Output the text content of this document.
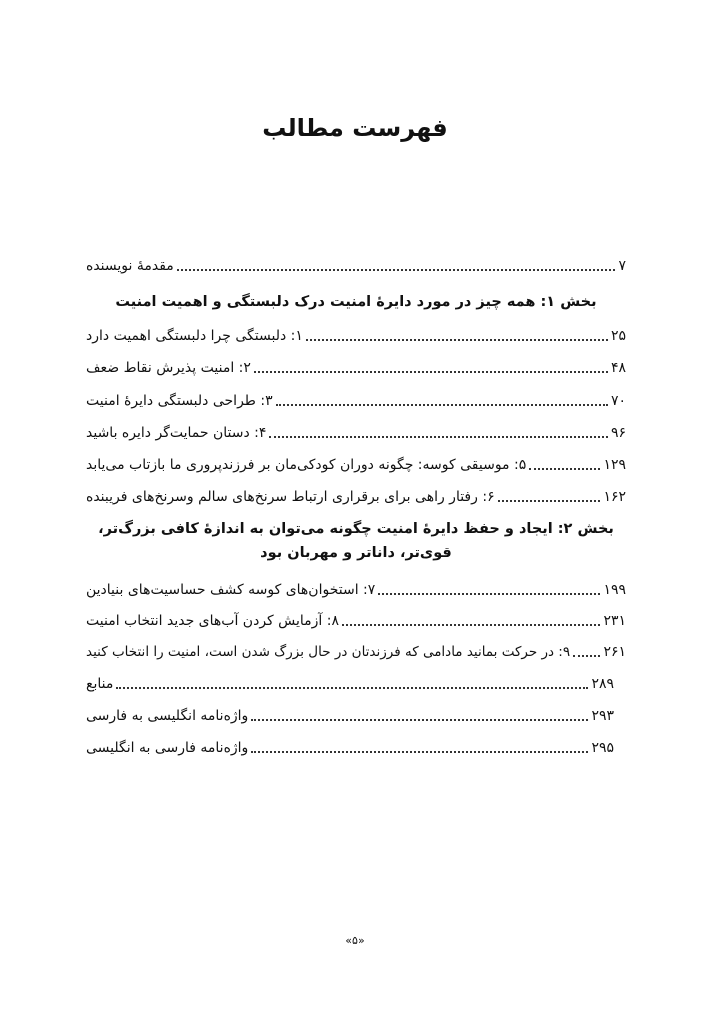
فهرست مطالب
مقدمۀ نویسنده	۷
بخش ۱: همه چیز در مورد دایرۀ امنیت درک دلبستگی و اهمیت امنیت
۱: دلبستگی چرا دلبستگی اهمیت دارد	۲۵
۲: امنیت پذیرش نقاط ضعف	۴۸
۳: طراحی دلبستگی دایرۀ امنیت	۷۰
۴: دستان حمایت‌گر دایره باشید	۹۶
۵: موسیقی کوسه: چگونه دوران کودکی‌مان بر فرزندپروری ما بازتاب می‌یابد	۱۲۹
۶: رفتار راهی برای برقراری ارتباط سرنخ‌های سالم وسرنخ‌های فریبنده	۱۶۲
بخش ۲: ایجاد و حفظ دایرۀ امنیت چگونه می‌توان به اندازۀ کافی بزرگ‌تر،
قوی‌تر، داناتر و مهربان بود
۷: استخوان‌های کوسه کشف حساسیت‌های بنیادین	۱۹۹
۸: آزمایش کردن آب‌های جدید انتخاب امنیت	۲۳۱
۹: در حرکت بمانید مادامی که فرزندتان در حال بزرگ شدن است، امنیت را انتخاب کنید ۲۶۱
منابع	۲۸۹
واژه‌نامه انگلیسی به فارسی	۲۹۳
واژه‌نامه فارسی به انگلیسی	۲۹۵
«۵»
